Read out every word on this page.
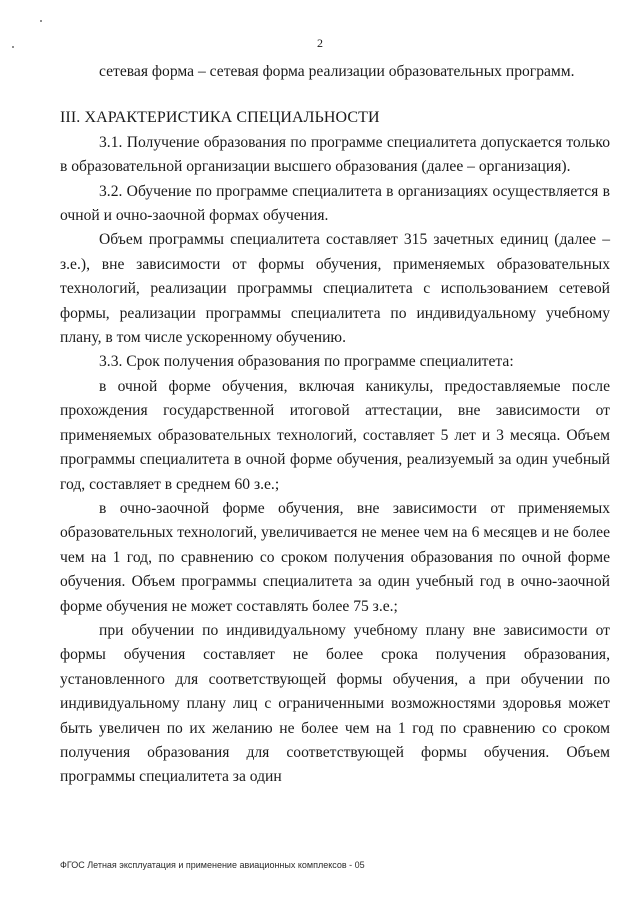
2

сетевая форма – сетевая форма реализации образовательных программ.

III. ХАРАКТЕРИСТИКА СПЕЦИАЛЬНОСТИ

3.1. Получение образования по программе специалитета допускается только в образовательной организации высшего образования (далее – организация).

3.2. Обучение по программе специалитета в организациях осуществляется в очной и очно-заочной формах обучения.

Объем программы специалитета составляет 315 зачетных единиц (далее – з.е.), вне зависимости от формы обучения, применяемых образовательных технологий, реализации программы специалитета с использованием сетевой формы, реализации программы специалитета по индивидуальному учебному плану, в том числе ускоренному обучению.

3.3. Срок получения образования по программе специалитета:

в очной форме обучения, включая каникулы, предоставляемые после прохождения государственной итоговой аттестации, вне зависимости от применяемых образовательных технологий, составляет 5 лет и 3 месяца. Объем программы специалитета в очной форме обучения, реализуемый за один учебный год, составляет в среднем 60 з.е.;

в очно-заочной форме обучения, вне зависимости от применяемых образовательных технологий, увеличивается не менее чем на 6 месяцев и не более чем на 1 год, по сравнению со сроком получения образования по очной форме обучения. Объем программы специалитета за один учебный год в очно-заочной форме обучения не может составлять более 75 з.е.;

при обучении по индивидуальному учебному плану вне зависимости от формы обучения составляет не более срока получения образования, установленного для соответствующей формы обучения, а при обучении по индивидуальному плану лиц с ограниченными возможностями здоровья может быть увеличен по их желанию не более чем на 1 год по сравнению со сроком получения образования для соответствующей формы обучения. Объем программы специалитета за один

ФГОС Летная эксплуатация и применение авиационных комплексов - 05
